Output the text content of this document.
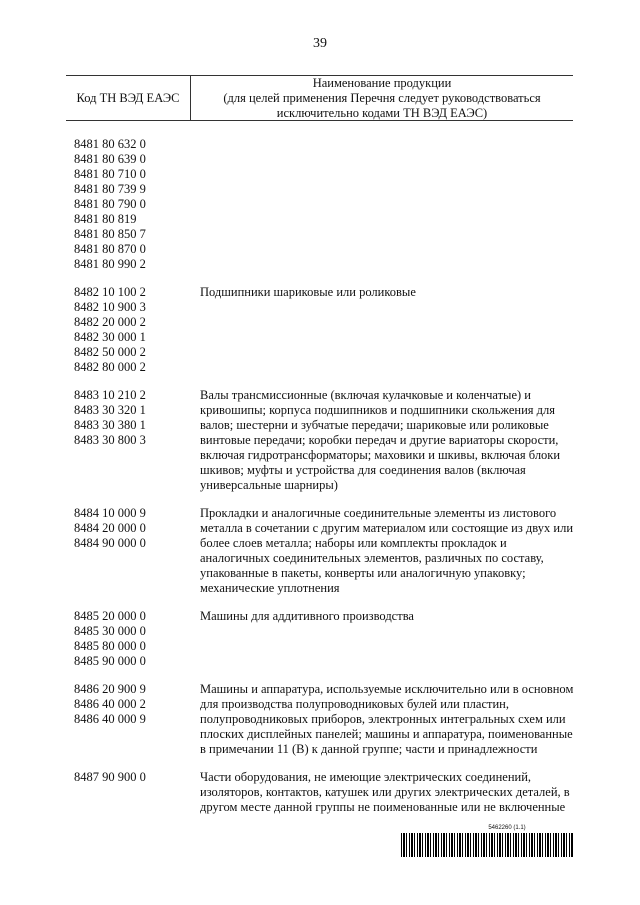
39
Код ТН ВЭД ЕАЭС
Наименование продукции
(для целей применения Перечня следует руководствоваться
исключительно кодами ТН ВЭД ЕАЭС)
8481 80 632 0
8481 80 639 0
8481 80 710 0
8481 80 739 9
8481 80 790 0
8481 80 819
8481 80 850 7
8481 80 870 0
8481 80 990 2
8482 10 100 2
8482 10 900 3
8482 20 000 2
8482 30 000 1
8482 50 000 2
8482 80 000 2
Подшипники шариковые или роликовые
8483 10 210 2
8483 30 320 1
8483 30 380 1
8483 30 800 3
Валы трансмиссионные (включая кулачковые и коленчатые) и кривошипы; корпуса подшипников и подшипники скольжения для валов; шестерни и зубчатые передачи; шариковые или роликовые винтовые передачи; коробки передач и другие вариаторы скорости, включая гидротрансформаторы; маховики и шкивы, включая блоки шкивов; муфты и устройства для соединения валов (включая универсальные шарниры)
8484 10 000 9
8484 20 000 0
8484 90 000 0
Прокладки и аналогичные соединительные элементы из листового металла в сочетании с другим материалом или состоящие из двух или более слоев металла; наборы или комплекты прокладок и аналогичных соединительных элементов, различных по составу, упакованные в пакеты, конверты или аналогичную упаковку; механические уплотнения
8485 20 000 0
8485 30 000 0
8485 80 000 0
8485 90 000 0
Машины для аддитивного производства
8486 20 900 9
8486 40 000 2
8486 40 000 9
Машины и аппаратура, используемые исключительно или в основном для производства полупроводниковых булей или пластин, полупроводниковых приборов, электронных интегральных схем или плоских дисплейных панелей; машины и аппаратура, поименованные в примечании 11 (В) к данной группе; части и принадлежности
8487 90 900 0	Части оборудования, не имеющие электрических соединений, изоляторов, контактов, катушек или других электрических деталей, в другом месте данной группы не поименованные или не включенные
5462260 (1.1)
